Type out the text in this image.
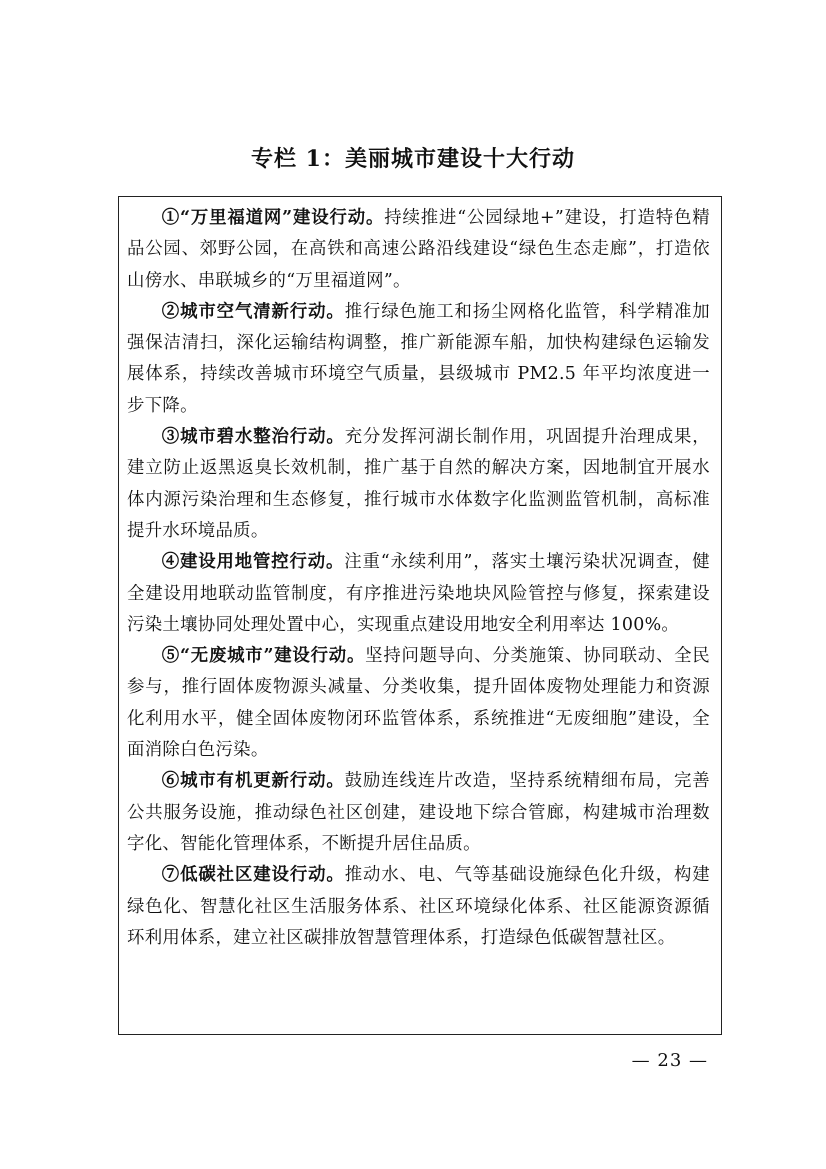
专栏 1：美丽城市建设十大行动

①“万里福道网”建设行动。持续推进“公园绿地+”建设，打造特色精品公园、郊野公园，在高铁和高速公路沿线建设“绿色生态走廊”，打造依山傍水、串联城乡的“万里福道网”。

②城市空气清新行动。推行绿色施工和扬尘网格化监管，科学精准加强保洁清扫，深化运输结构调整，推广新能源车船，加快构建绿色运输发展体系，持续改善城市环境空气质量，县级城市 PM2.5 年平均浓度进一步下降。

③城市碧水整治行动。充分发挥河湖长制作用，巩固提升治理成果，建立防止返黑返臭长效机制，推广基于自然的解决方案，因地制宜开展水体内源污染治理和生态修复，推行城市水体数字化监测监管机制，高标准提升水环境品质。

④建设用地管控行动。注重“永续利用”，落实土壤污染状况调查，健全建设用地联动监管制度，有序推进污染地块风险管控与修复，探索建设污染土壤协同处理处置中心，实现重点建设用地安全利用率达 100%。

⑤“无废城市”建设行动。坚持问题导向、分类施策、协同联动、全民参与，推行固体废物源头减量、分类收集，提升固体废物处理能力和资源化利用水平，健全固体废物闭环监管体系，系统推进“无废细胞”建设，全面消除白色污染。

⑥城市有机更新行动。鼓励连线连片改造，坚持系统精细布局，完善公共服务设施，推动绿色社区创建，建设地下综合管廊，构建城市治理数字化、智能化管理体系，不断提升居住品质。

⑦低碳社区建设行动。推动水、电、气等基础设施绿色化升级，构建绿色化、智慧化社区生活服务体系、社区环境绿化体系、社区能源资源循环利用体系，建立社区碳排放智慧管理体系，打造绿色低碳智慧社区。

— 23 —
